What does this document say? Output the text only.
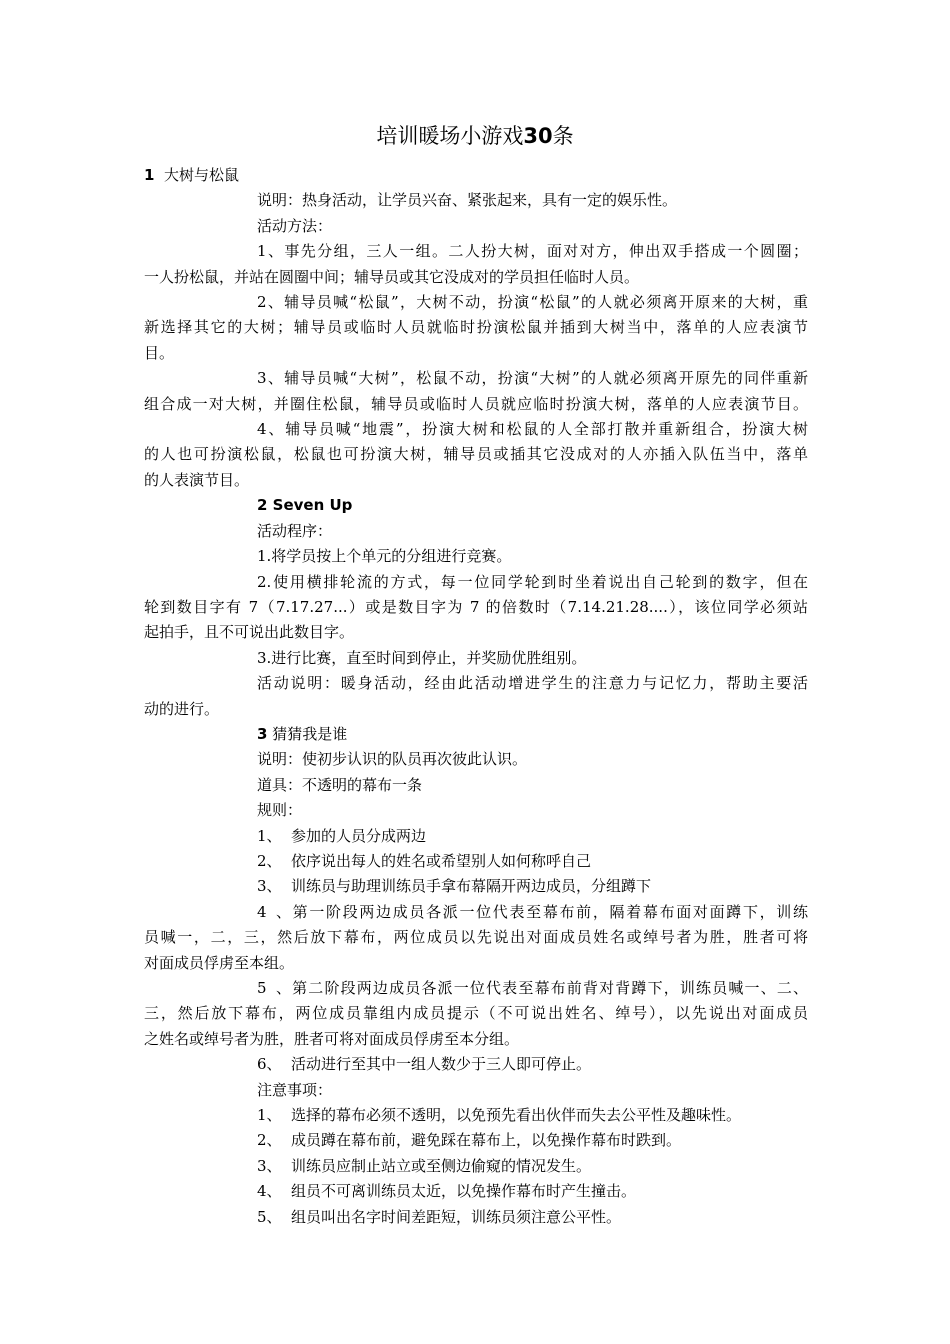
培训暖场小游戏30条
1 大树与松鼠
说明：热身活动，让学员兴奋、紧张起来，具有一定的娱乐性。
活动方法：
1、事先分组，三人一组。二人扮大树，面对对方，伸出双手搭成一个圆圈；
一人扮松鼠，并站在圆圈中间；辅导员或其它没成对的学员担任临时人员。
2、辅导员喊“松鼠”，大树不动，扮演“松鼠”的人就必须离开原来的大树，重
新选择其它的大树；辅导员或临时人员就临时扮演松鼠并插到大树当中，落单的人应表演节
目。
3、辅导员喊“大树”，松鼠不动，扮演“大树”的人就必须离开原先的同伴重新
组合成一对大树，并圈住松鼠，辅导员或临时人员就应临时扮演大树，落单的人应表演节目。
4、辅导员喊“地震”，扮演大树和松鼠的人全部打散并重新组合，扮演大树
的人也可扮演松鼠，松鼠也可扮演大树，辅导员或插其它没成对的人亦插入队伍当中，落单
的人表演节目。
2 Seven Up
活动程序：
1.将学员按上个单元的分组进行竞赛。
2.使用横排轮流的方式，每一位同学轮到时坐着说出自己轮到的数字，但在
轮到数目字有 7（7.17.27...）或是数目字为 7 的倍数时（7.14.21.28....），该位同学必须站
起拍手，且不可说出此数目字。
3.进行比赛，直至时间到停止，并奖励优胜组别。
活动说明：暖身活动，经由此活动增进学生的注意力与记忆力，帮助主要活
动的进行。
3 猜猜我是谁
说明：使初步认识的队员再次彼此认识。
道具：不透明的幕布一条
规则：
1、 参加的人员分成两边
2、 依序说出每人的姓名或希望别人如何称呼自己
3、 训练员与助理训练员手拿布幕隔开两边成员，分组蹲下
4、第一阶段两边成员各派一位代表至幕布前，隔着幕布面对面蹲下，训练
员喊一，二，三，然后放下幕布，两位成员以先说出对面成员姓名或绰号者为胜，胜者可将
对面成员俘虏至本组。
5、第二阶段两边成员各派一位代表至幕布前背对背蹲下，训练员喊一、二、
三，然后放下幕布，两位成员靠组内成员提示（不可说出姓名、绰号），以先说出对面成员
之姓名或绰号者为胜，胜者可将对面成员俘虏至本分组。
6、 活动进行至其中一组人数少于三人即可停止。
注意事项：
1、 选择的幕布必须不透明，以免预先看出伙伴而失去公平性及趣味性。
2、 成员蹲在幕布前，避免踩在幕布上，以免操作幕布时跌到。
3、 训练员应制止站立或至侧边偷窥的情况发生。
4、 组员不可离训练员太近，以免操作幕布时产生撞击。
5、 组员叫出名字时间差距短，训练员须注意公平性。
